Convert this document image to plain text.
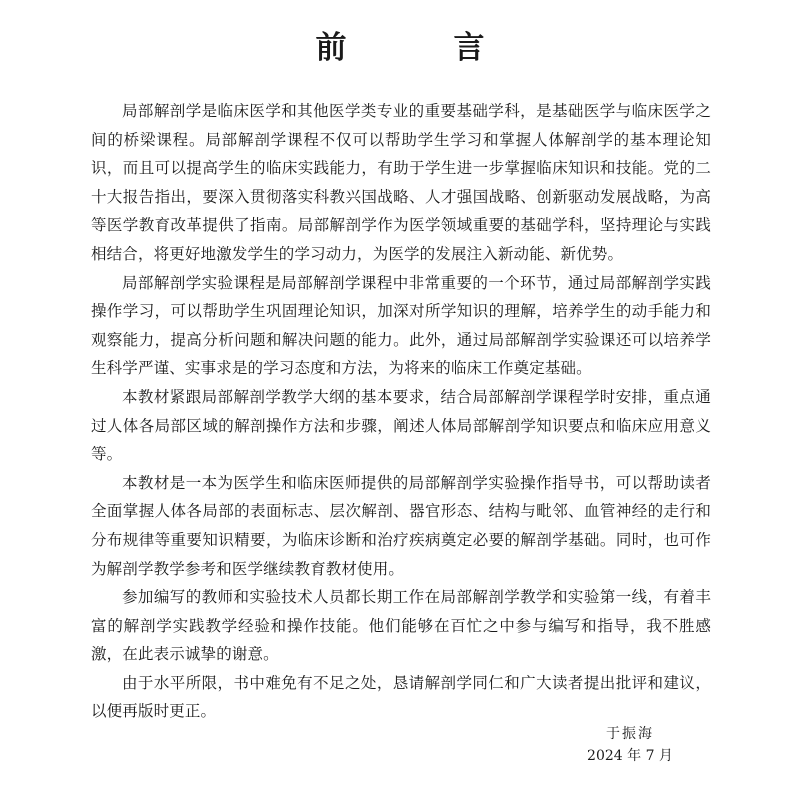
前　言

局部解剖学是临床医学和其他医学类专业的重要基础学科，是基础医学与临床医学之间的桥梁课程。局部解剖学课程不仅可以帮助学生学习和掌握人体解剖学的基本理论知识，而且可以提高学生的临床实践能力，有助于学生进一步掌握临床知识和技能。党的二十大报告指出，要深入贯彻落实科教兴国战略、人才强国战略、创新驱动发展战略，为高等医学教育改革提供了指南。局部解剖学作为医学领域重要的基础学科，坚持理论与实践相结合，将更好地激发学生的学习动力，为医学的发展注入新动能、新优势。

局部解剖学实验课程是局部解剖学课程中非常重要的一个环节，通过局部解剖学实践操作学习，可以帮助学生巩固理论知识，加深对所学知识的理解，培养学生的动手能力和观察能力，提高分析问题和解决问题的能力。此外，通过局部解剖学实验课还可以培养学生科学严谨、实事求是的学习态度和方法，为将来的临床工作奠定基础。

本教材紧跟局部解剖学教学大纲的基本要求，结合局部解剖学课程学时安排，重点通过人体各局部区域的解剖操作方法和步骤，阐述人体局部解剖学知识要点和临床应用意义等。

本教材是一本为医学生和临床医师提供的局部解剖学实验操作指导书，可以帮助读者全面掌握人体各局部的表面标志、层次解剖、器官形态、结构与毗邻、血管神经的走行和分布规律等重要知识精要，为临床诊断和治疗疾病奠定必要的解剖学基础。同时，也可作为解剖学教学参考和医学继续教育教材使用。

参加编写的教师和实验技术人员都长期工作在局部解剖学教学和实验第一线，有着丰富的解剖学实践教学经验和操作技能。他们能够在百忙之中参与编写和指导，我不胜感激，在此表示诚挚的谢意。

由于水平所限，书中难免有不足之处，恳请解剖学同仁和广大读者提出批评和建议，以便再版时更正。

于振海
2024 年 7 月
